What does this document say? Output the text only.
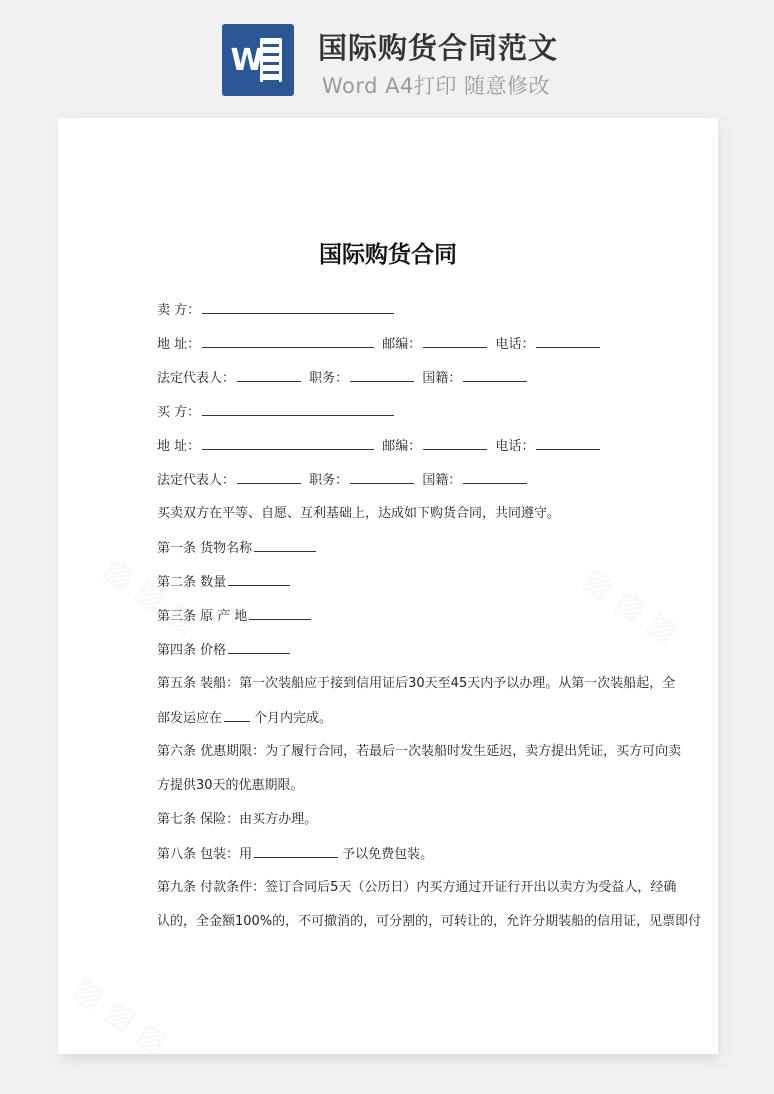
W 国际购货合同范文
Word A4打印 随意修改
国际购货合同
卖 方：
地 址：	邮编：	电话：
法定代表人：	职务：	国籍：
买 方：
地 址：	邮编：	电话：
法定代表人：	职务：	国籍：
买卖双方在平等、自愿、互利基础上，达成如下购货合同，共同遵守。
第一条 货物名称
第二条 数量
第三条 原 产 地
第四条 价格
第五条 装船：第一次装船应于接到信用证后30天至45天内予以办理。从第一次装船起，全
部发运应在 个月内完成。
第六条 优惠期限：为了履行合同，若最后一次装船时发生延迟，卖方提出凭证，买方可向卖
方提供30天的优惠期限。
第七条 保险：由买方办理。
第八条 包装：用	予以免费包装。
第九条 付款条件：签订合同后5天（公历日）内买方通过开证行开出以卖方为受益人，经确
认的，全金额100%的，不可撤消的，可分割的，可转让的，允许分期装船的信用证，见票即付
